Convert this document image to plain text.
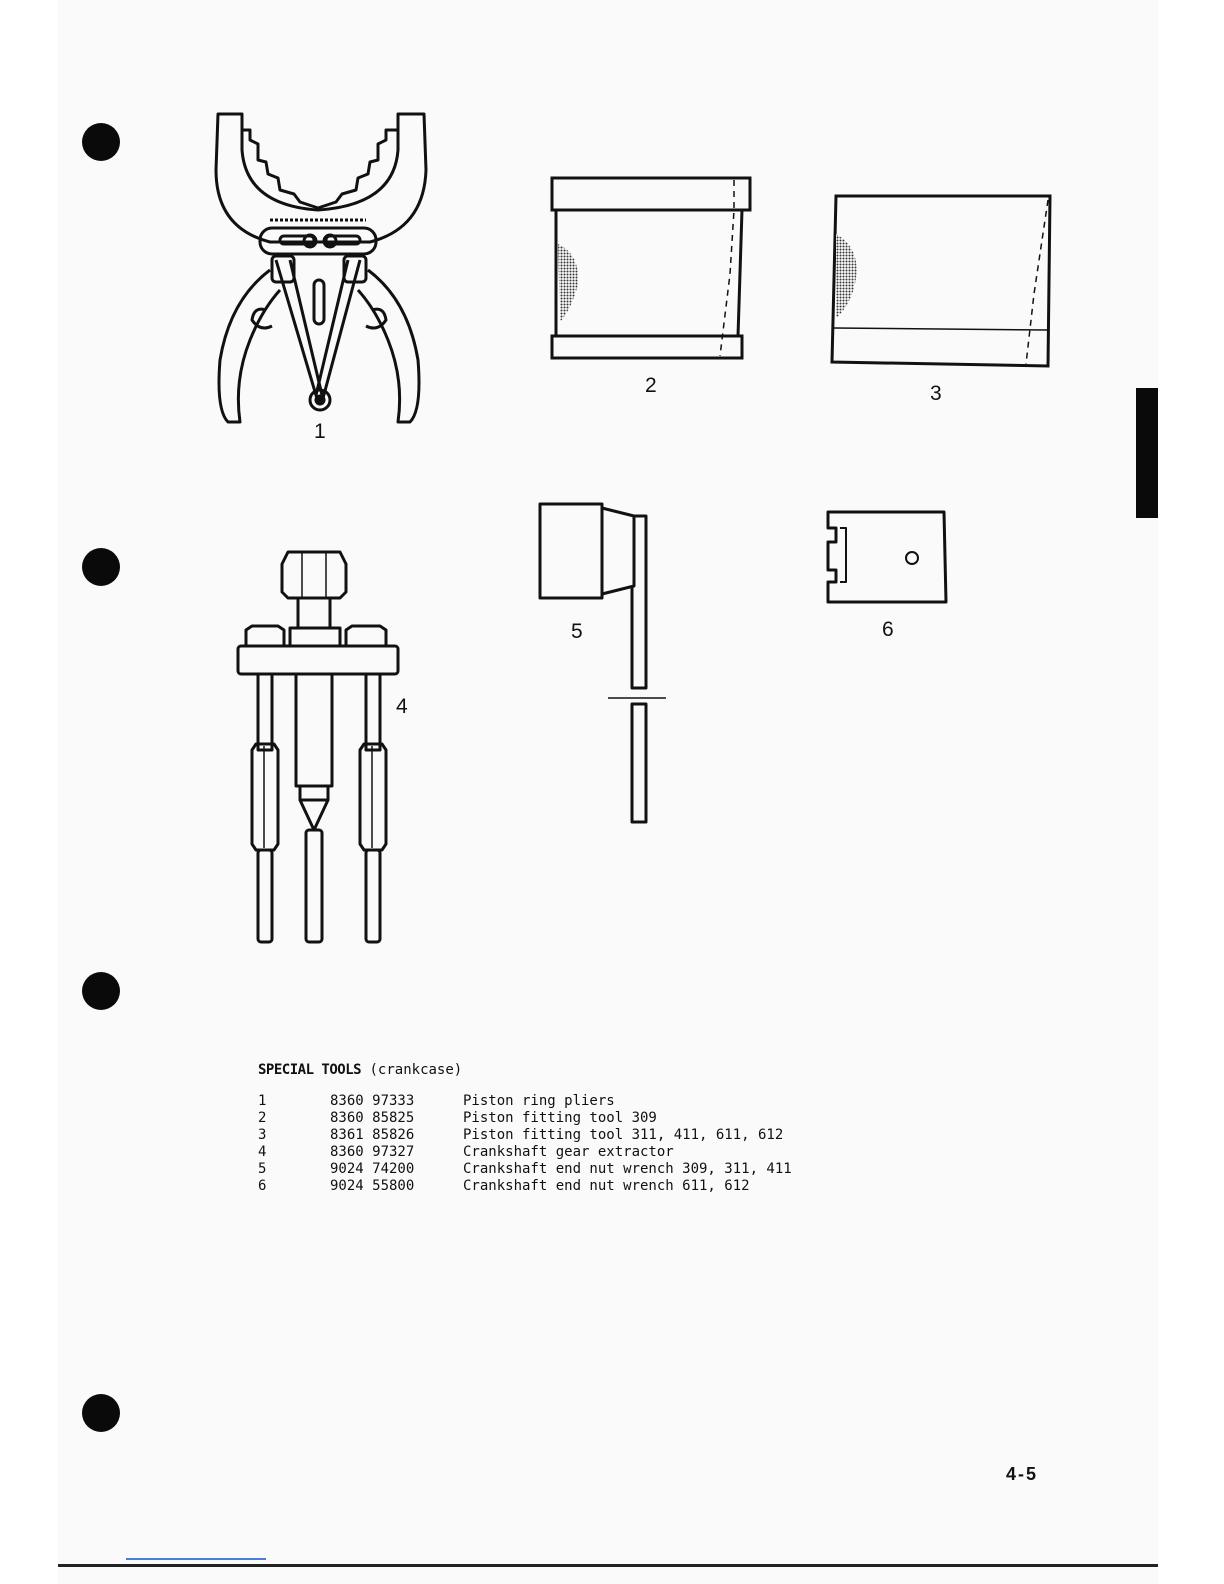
1
2	3
4
5	6
SPECIAL TOOLS (crankcase)
1	8360 97333	Piston ring pliers
2	8360 85825	Piston fitting tool 309
3	8361 85826	Piston fitting tool 311, 411, 611, 612
4	8360 97327	Crankshaft gear extractor
5	9024 74200	Crankshaft end nut wrench 309, 311, 411
6	9024 55800	Crankshaft end nut wrench 611, 612
4-5
